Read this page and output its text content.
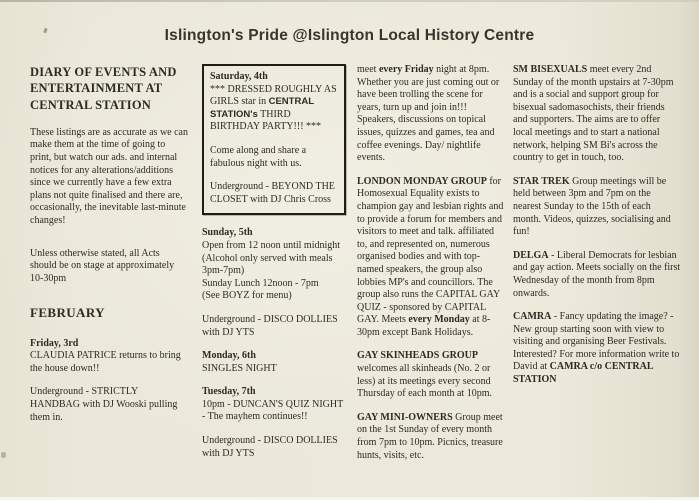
Islington's Pride @Islington Local History Centre
DIARY OF EVENTS AND ENTERTAINMENT AT CENTRAL STATION

These listings are as accurate as we can make them at the time of going to print, but watch our ads. and internal notices for any alterations/additions since we currently have a few extra plans not quite finalised and there are, occasionally, the inevitable last-minute changes!

Unless otherwise stated, all Acts should be on stage at approximately 10-30pm

FEBRUARY

Friday, 3rd
CLAUDIA PATRICE returns to bring the house down!!

Underground - STRICTLY HANDBAG with DJ Wooski pulling them in.

Saturday, 4th
*** DRESSED ROUGHLY AS GIRLS star in CENTRAL STATION's THIRD BIRTHDAY PARTY!!! ***

Come along and share a fabulous night with us.

Underground - BEYOND THE CLOSET with DJ Chris Cross

Sunday, 5th
Open from 12 noon until midnight
(Alcohol only served with meals 3pm-7pm)
Sunday Lunch 12noon - 7pm
(See BOYZ for menu)

Underground - DISCO DOLLIES with DJ YTS

Monday, 6th
SINGLES NIGHT

Tuesday, 7th
10pm - DUNCAN'S QUIZ NIGHT - The mayhem continues!!

Underground - DISCO DOLLIES with DJ YTS

meet every Friday night at 8pm. Whether you are just coming out or have been trolling the scene for years, turn up and join in!!! Speakers, discussions on topical issues, quizzes and games, tea and coffee evenings. Day/ nightlife events.

LONDON MONDAY GROUP for Homosexual Equality exists to champion gay and lesbian rights and to provide a forum for members and visitors to meet and talk. affiliated to, and represented on, numerous organised bodies and with top-named speakers, the group also lobbies MP's and councillors. The group also runs the CAPITAL GAY QUIZ - sponsored by CAPITAL GAY. Meets every Monday at 8-30pm except Bank Holidays.

GAY SKINHEADS GROUP welcomes all skinheads (No. 2 or less) at its meetings every second Thursday of each month at 10pm.

GAY MINI-OWNERS Group meet on the 1st Sunday of every month from 7pm to 10pm. Picnics, treasure hunts, visits, etc.

SM BISEXUALS meet every 2nd Sunday of the month upstairs at 7-30pm and is a social and support group for bisexual sadomasochists, their friends and supporters. The aims are to offer local meetings and to start a national network, helping SM Bi's across the country to get in touch, too.

STAR TREK Group meetings will be held between 3pm and 7pm on the nearest Sunday to the 15th of each month. Videos, quizzes, socialising and fun!

DELGA - Liberal Democrats for lesbian and gay action. Meets socially on the first Wednesday of the month from 8pm onwards.

CAMRA - Fancy updating the image? - New group starting soon with view to visiting and organising Beer Festivals. Interested? For more information write to David at CAMRA c/o CENTRAL STATION
